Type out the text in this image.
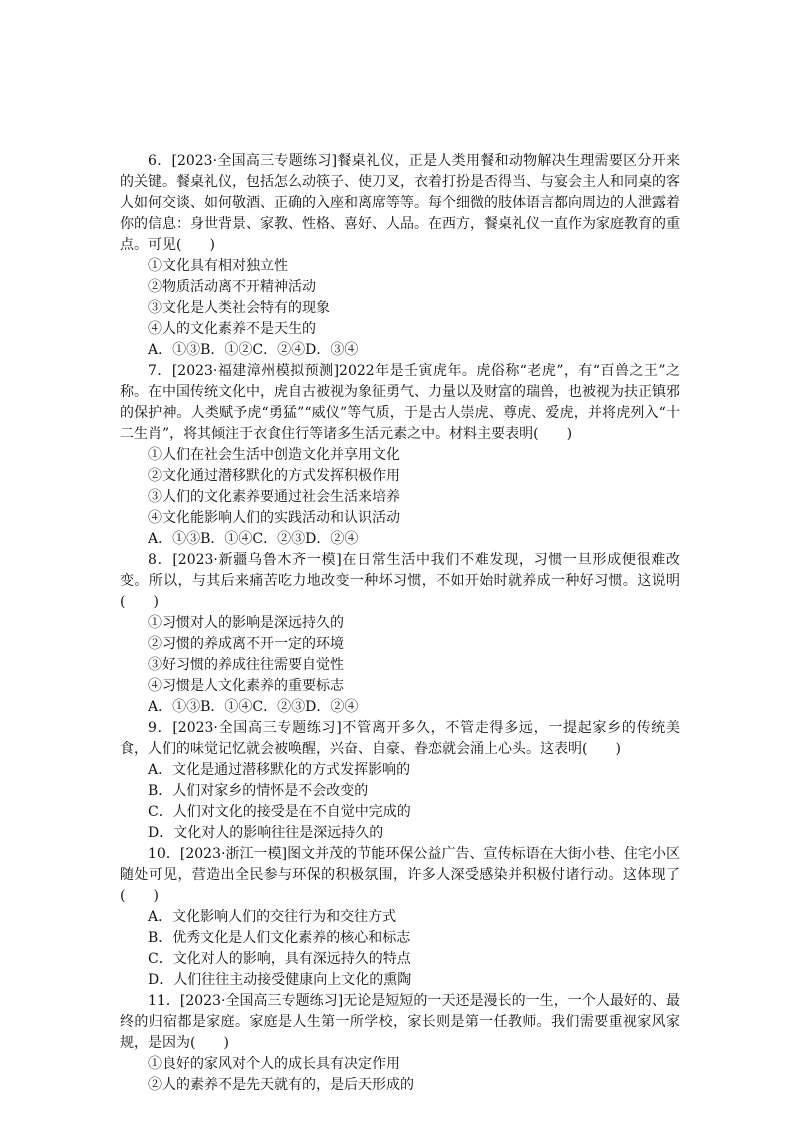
6．[2023·全国高三专题练习]餐桌礼仪，正是人类用餐和动物解决生理需要区分开来的关键。餐桌礼仪，包括怎么动筷子、使刀叉，衣着打扮是否得当、与宴会主人和同桌的客人如何交谈、如何敬酒、正确的入座和离席等等。每个细微的肢体语言都向周边的人泄露着你的信息：身世背景、家教、性格、喜好、人品。在西方，餐桌礼仪一直作为家庭教育的重点。可见(　　)

①文化具有相对独立性

②物质活动离不开精神活动

③文化是人类社会特有的现象

④人的文化素养不是天生的

A．①③B．①②C．②④D．③④

7．[2023·福建漳州模拟预测]2022年是壬寅虎年。虎俗称“老虎”，有“百兽之王”之称。在中国传统文化中，虎自古被视为象征勇气、力量以及财富的瑞兽，也被视为扶正镇邪的保护神。人类赋予虎“勇猛”“威仪”等气质，于是古人崇虎、尊虎、爱虎，并将虎列入“十二生肖”，将其倾注于衣食住行等诸多生活元素之中。材料主要表明(　　)

①人们在社会生活中创造文化并享用文化

②文化通过潜移默化的方式发挥积极作用

③人们的文化素养要通过社会生活来培养

④文化能影响人们的实践活动和认识活动

A．①③B．①④C．②③D．②④

8．[2023·新疆乌鲁木齐一模]在日常生活中我们不难发现，习惯一旦形成便很难改变。所以，与其后来痛苦吃力地改变一种坏习惯，不如开始时就养成一种好习惯。这说明(　　)

①习惯对人的影响是深远持久的

②习惯的养成离不开一定的环境

③好习惯的养成往往需要自觉性

④习惯是人文化素养的重要标志

A．①③B．①④C．②③D．②④

9．[2023·全国高三专题练习]不管离开多久，不管走得多远，一提起家乡的传统美食，人们的味觉记忆就会被唤醒，兴奋、自豪、眷恋就会涌上心头。这表明(　　)

A．文化是通过潜移默化的方式发挥影响的

B．人们对家乡的情怀是不会改变的

C．人们对文化的接受是在不自觉中完成的

D．文化对人的影响往往是深远持久的

10．[2023·浙江一模]图文并茂的节能环保公益广告、宣传标语在大街小巷、住宅小区随处可见，营造出全民参与环保的积极氛围，许多人深受感染并积极付诸行动。这体现了(　　)

A．文化影响人们的交往行为和交往方式

B．优秀文化是人们文化素养的核心和标志

C．文化对人的影响，具有深远持久的特点

D．人们往往主动接受健康向上文化的熏陶

11．[2023·全国高三专题练习]无论是短短的一天还是漫长的一生，一个人最好的、最终的归宿都是家庭。家庭是人生第一所学校，家长则是第一任教师。我们需要重视家风家规，是因为(　　)

①良好的家风对个人的成长具有决定作用

②人的素养不是先天就有的，是后天形成的
